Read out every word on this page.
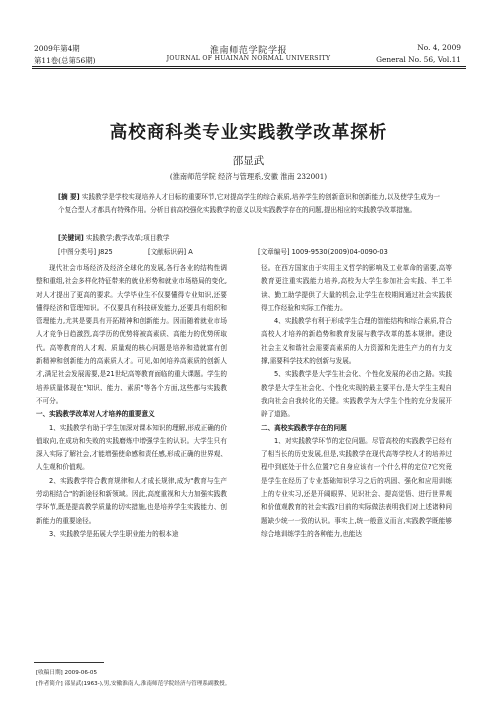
2009年第4期
第11卷(总第56期)
淮南师范学院学报
JOURNAL OF HUAINAN NORMAL UNIVERSITY
No. 4, 2009
General No. 56, Vol.11
高校商科类专业实践教学改革探析
邵显武
(淮南师范学院 经济与管理系,安徽 淮南 232001)
[摘 要] 实践教学是学校实现培养人才目标的重要环节,它对提高学生的综合素质,培养学生的创新意识和创新能力,以及使学生成为一个复合型人才都具有特殊作用。分析目前高校强化实践教学的意义以及实践教学存在的问题,提出相应的实践教学改革措施。
[关键词] 实践教学;教学改革;项目教学
[中图分类号] J825	[文献标识码] A	[文章编号] 1009-9530(2009)04-0090-03

现代社会市场经济及经济全球化的发展,各行各业的结构性调整和重组,社会多样化特征带来的就业形势和就业市场格局的变化,对人才提出了更高的要求。大学毕业生不仅要懂得专业知识,还要懂得经济和管理知识。不仅要具有科技研发能力,还要具有组织和管理能力,尤其是要具有开拓精神和创新能力。因而随着就业市场人才竞争日趋激烈,高学历的优势将被高素质、高能力的优势所取代。高等教育的人才观、质量观的核心问题是培养和造就富有创新精神和创新能力的高素质人才。可见,如何培养高素质的创新人才,满足社会发展需要,是21世纪高等教育面临的重大课题。学生的培养质量体现在"知识、能力、素质"等各个方面,这些都与实践教不可分。

一、实践教学改革对人才培养的重要意义

1、实践教学有助于学生加深对课本知识的理解,形成正确的价值取向,在成功和失败的实践磨炼中增强学生的认识。大学生只有深入实际了解社会,才能增强使命感和责任感,形成正确的世界观、人生观和价值观。

2、实践教学符合教育规律和人才成长规律,成为"教育与生产劳动相结合"的新途径和新领域。因此,高度重视和大力加强实践教学环节,既是提高教学质量的切实措施,也是培养学生实践能力、创新能力的重要途径。

3、实践教学是拓展大学生职业能力的根本途

径。在西方国家由于实用主义哲学的影响及工业革命的需要,高等教育更注重实践能力培养,高校为大学生参加社会实践、半工半读、勤工助学提供了大量的机会,让学生在校期间通过社会实践获得工作经验和实际工作能力。

4、实践教学有利于形成学生合理的智能结构和综合素质,符合高校人才培养的新趋势和教育发展与教学改革的基本规律。建设社会主义和谐社会需要高素质的人力资源和先进生产力的有力支撑,需要科学技术的创新与发展。

5、实践教学是大学生社会化、个性化发展的必由之路。实践教学是大学生社会化、个性化实现的最主要平台,是大学生主观自我向社会自我转化的关键。实践教学为大学生个性的充分发展开辟了道路。

二、高校实践教学存在的问题

1、对实践教学环节的定位问题。尽管高校的实践教学已经有了相当长的历史发展,但是,实践教学在现代高等学校人才的培养过程中到底处于什么位置?它自身应该有一个什么样的定位?它究竟是学生在经历了专业基础知识学习之后的巩固、强化和应用训练上的专业实习,还是开阔眼界、见识社会、提高觉悟、进行世界观和价值观教育的社会实践?目前的实际做法表明我们对上述诸种问题缺少统一一致的认识。事实上,统一般意义而言,实践教学既能够综合地训练学生的各种能力,也能达

[收稿日期] 2009-06-05
[作者简介] 邵显武(1963-),男,安徽淮南人,淮南师范学院经济与管理系副教授。
